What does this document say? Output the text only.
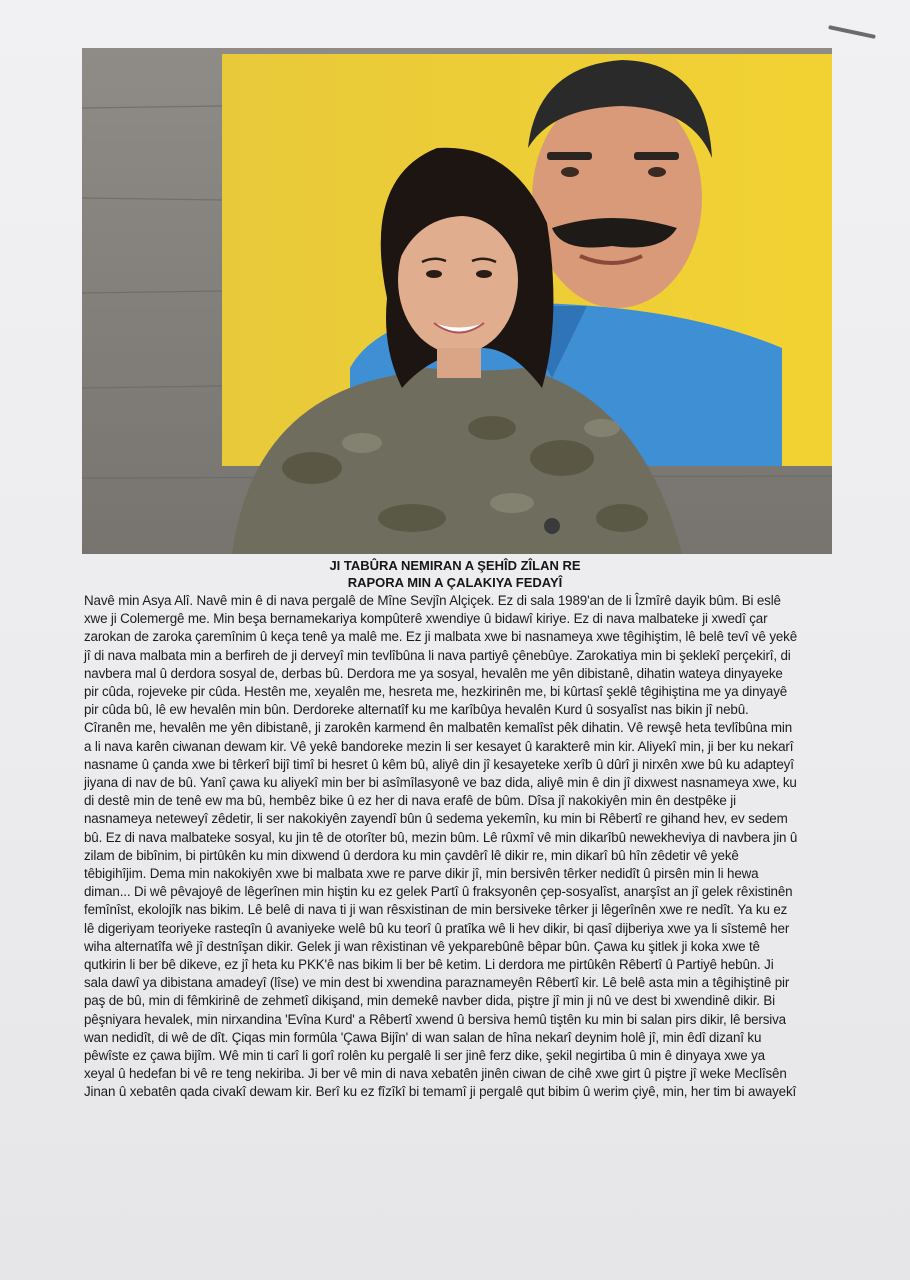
JI TABÛRA NEMIRAN A ŞEHÎD ZÎLAN RE
RAPORA MIN A ÇALAKIYA FEDAYÎ
Navê min Asya Alî. Navê min ê di nava pergalê de Mîne Sevjîn Alçiçek. Ez di sala 1989'an de li Îzmîrê dayik bûm. Bi eslê
xwe ji Colemergê me. Min beşa bernamekariya kompûterê xwendiye û bidawî kiriye. Ez di nava malbateke ji xwedî çar
zarokan de zaroka çaremînim û keça tenê ya malê me. Ez ji malbata xwe bi nasnameya xwe têgihiştim, lê belê tevî vê yekê
jî di nava malbata min a berfireh de ji derveyî min tevlîbûna li nava partiyê çênebûye. Zarokatiya min bi şeklekî perçekirî, di
navbera mal û derdora sosyal de, derbas bû. Derdora me ya sosyal, hevalên me yên dibistanê, dihatin wateya dinyayeke
pir cûda, rojeveke pir cûda. Hestên me, xeyalên me, hesreta me, hezkirinên me, bi kûrtasî şeklê têgihiştina me ya dinyayê
pir cûda bû, lê ew hevalên min bûn. Derdoreke alternatîf ku me karîbûya hevalên Kurd û sosyalîst nas bikin jî nebû.
Cîranên me, hevalên me yên dibistanê, ji zarokên karmend ên malbatên kemalîst pêk dihatin. Vê rewşê heta tevlîbûna min
a li nava karên ciwanan dewam kir. Vê yekê bandoreke mezin li ser kesayet û karakterê min kir. Aliyekî min, ji ber ku nekarî
nasname û çanda xwe bi têrkerî bijî timî bi hesret û kêm bû, aliyê din jî kesayeteke xerîb û dûrî ji nirxên xwe bû ku adapteyî
jiyana di nav de bû. Yanî çawa ku aliyekî min ber bi asîmîlasyonê ve baz dida, aliyê min ê din jî dixwest nasnameya xwe, ku
di destê min de tenê ew ma bû, hembêz bike û ez her di nava erafê de bûm. Dîsa jî nakokiyên min ên destpêke ji
nasnameya neteweyî zêdetir, li ser nakokiyên zayendî bûn û sedema yekemîn, ku min bi Rêbertî re gihand hev, ev sedem
bû. Ez di nava malbateke sosyal, ku jin tê de otorîter bû, mezin bûm. Lê rûxmî vê min dikarîbû newekheviya di navbera jin û
zilam de bibînim, bi pirtûkên ku min dixwend û derdora ku min çavdêrî lê dikir re, min dikarî bû hîn zêdetir vê yekê
têbigihîjim. Dema min nakokiyên xwe bi malbata xwe re parve dikir jî, min bersivên têrker nedidît û pirsên min li hewa
diman... Di wê pêvajoyê de lêgerînen min hiştin ku ez gelek Partî û fraksyonên çep-sosyalîst, anarşîst an jî gelek rêxistinên
femînîst, ekolojîk nas bikim. Lê belê di nava ti ji wan rêsxistinan de min bersiveke têrker ji lêgerînên xwe re nedît. Ya ku ez
lê digeriyam teoriyeke rasteqîn û avaniyeke welê bû ku teorî û pratîka wê li hev dikir, bi qasî dijberiya xwe ya li sîstemê her
wiha alternatîfa wê jî destnîşan dikir. Gelek ji wan rêxistinan vê yekparebûnê bêpar bûn. Çawa ku şitlek ji koka xwe tê
qutkirin li ber bê dikeve, ez jî heta ku PKK'ê nas bikim li ber bê ketim. Li derdora me pirtûkên Rêbertî û Partiyê hebûn. Ji
sala dawî ya dibistana amadeyî (lîse) ve min dest bi xwendina paraznameyên Rêbertî kir. Lê belê asta min a têgihiştinê pir
paş de bû, min di fêmkirinê de zehmetî dikişand, min demekê navber dida, piştre jî min ji nû ve dest bi xwendinê dikir. Bi
pêşniyara hevalek, min nirxandina 'Evîna Kurd' a Rêbertî xwend û bersiva hemû tiştên ku min bi salan pirs dikir, lê bersiva
wan nedidît, di wê de dît. Çiqas min formûla 'Çawa Bijîn' di wan salan de hîna nekarî deynim holê jî, min êdî dizanî ku
pêwîste ez çawa bijîm. Wê min ti carî li gorî rolên ku pergalê li ser jinê ferz dike, şekil negirtiba û min ê dinyaya xwe ya
xeyal û hedefan bi vê re teng nekiriba. Ji ber vê min di nava xebatên jinên ciwan de cihê xwe girt û piştre jî weke Meclîsên
Jinan û xebatên qada civakî dewam kir. Berî ku ez fîzîkî bi temamî ji pergalê qut bibim û werim çiyê, min, her tim bi awayekî
